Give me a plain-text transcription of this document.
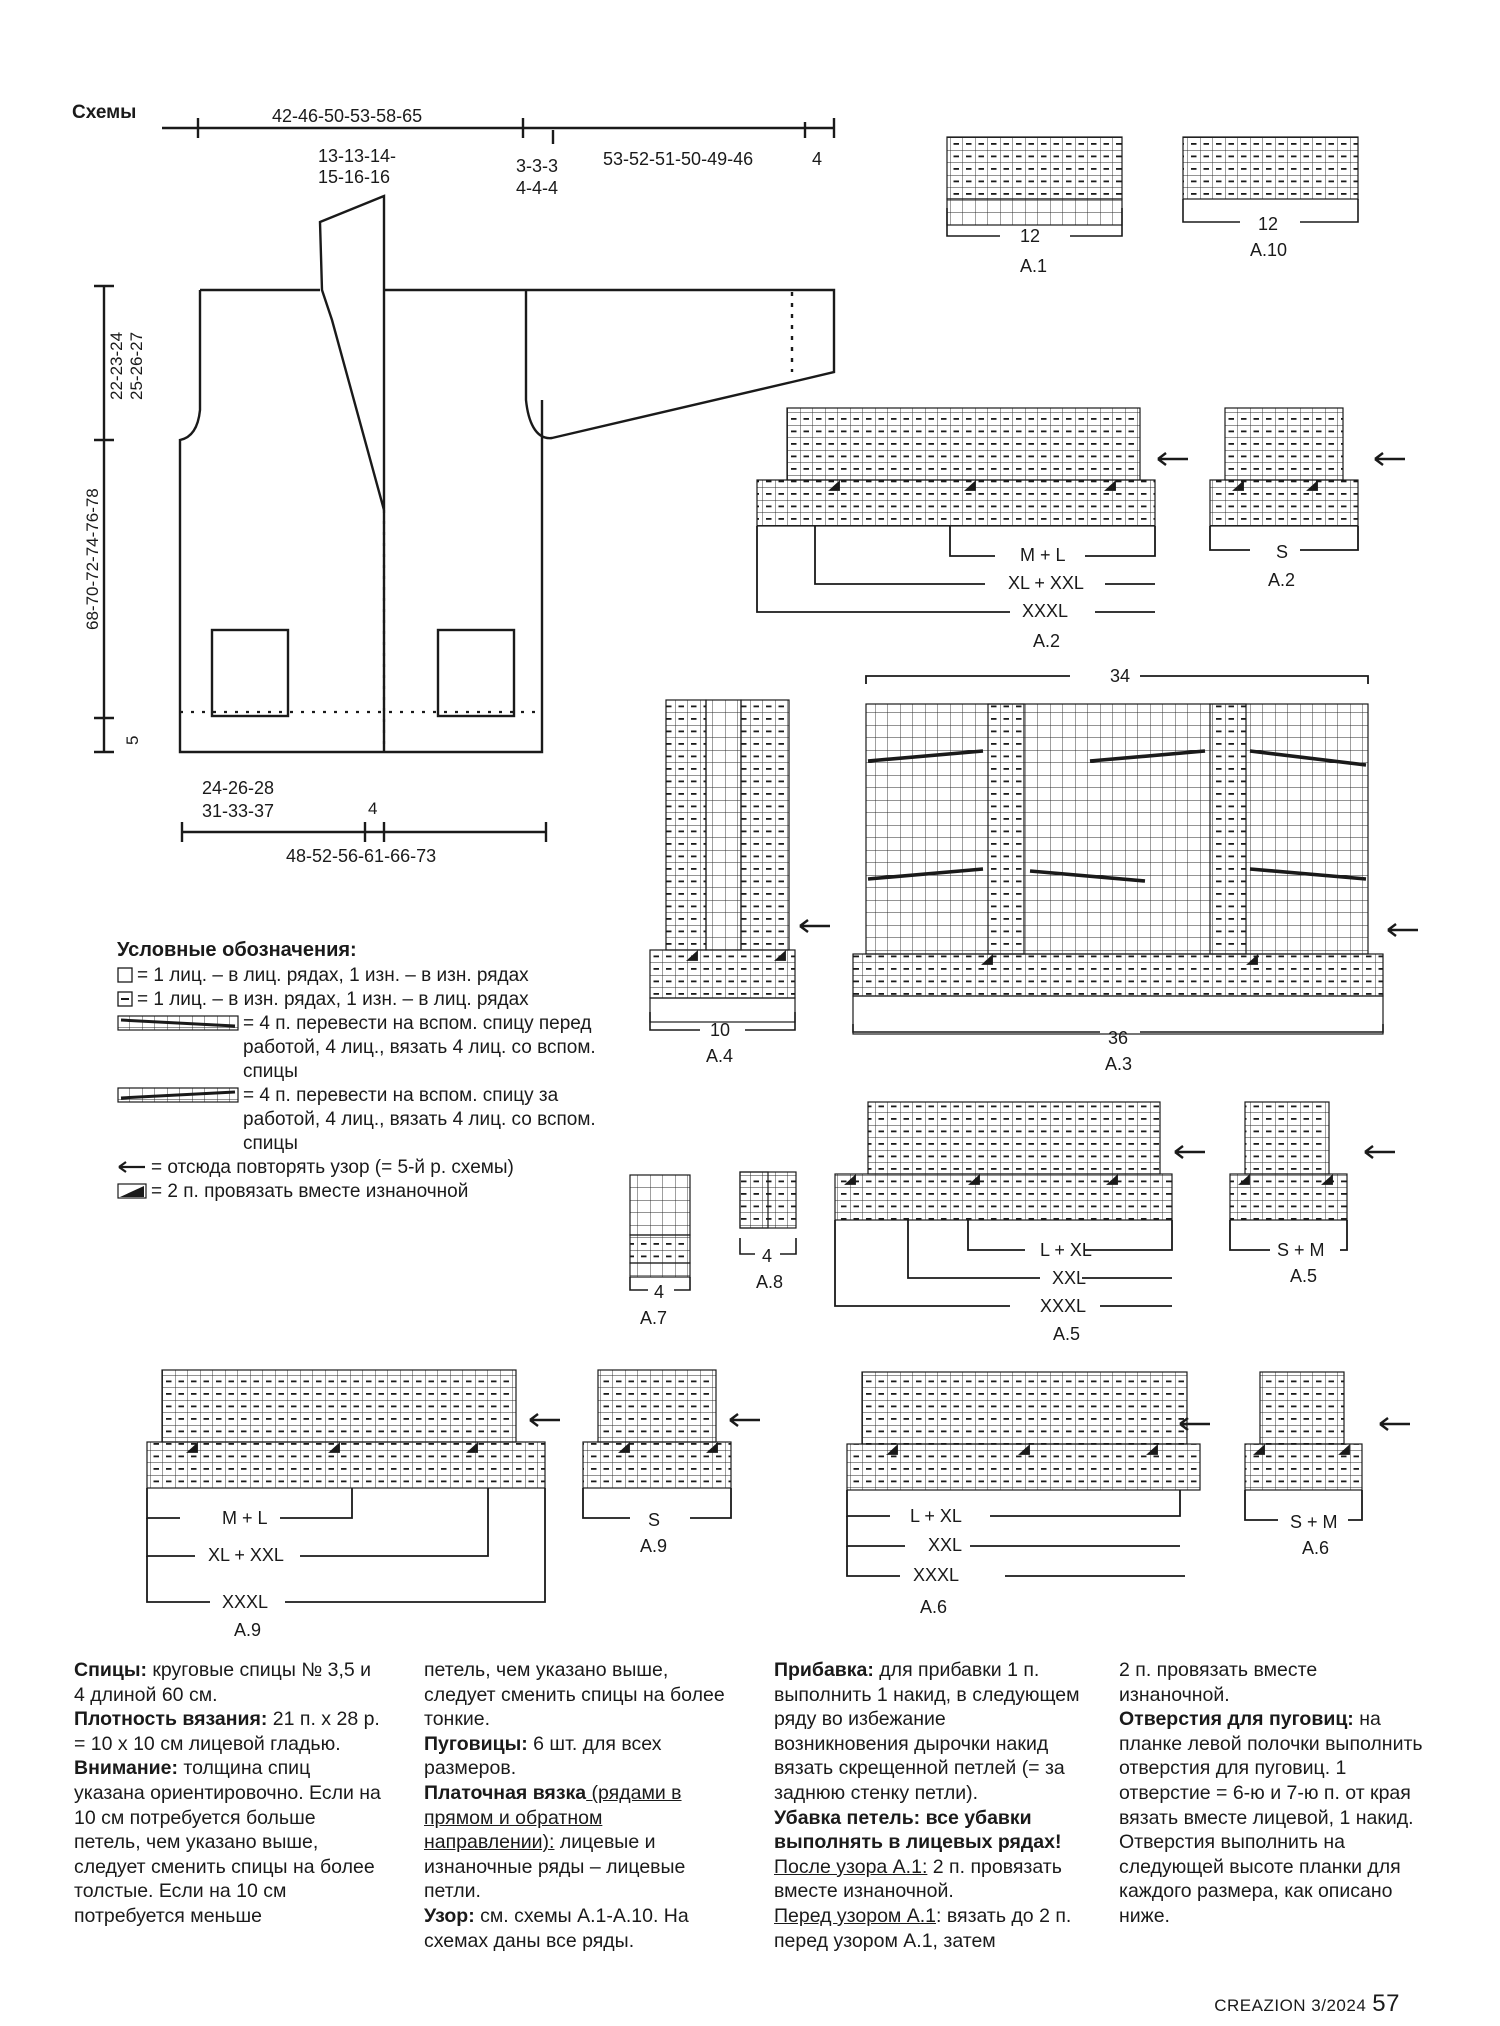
Схемы	42-46-50-53-58-65
13-13-14-
15-16-16
3-3-3
4-4-4
53-52-51-50-49-46	4
22-23-24 25-26-27
68-70-72-74-76-78
5
24-26-28
31-33-37	4
48-52-56-61-66-73
12
A.1
12
A.10
M + L
XL + XXL
XXXL
A.2
S
A.2
10
A.4
34
36
A.3
4
A.7
4
A.8
L + XL
XXL
XXXL
A.5
S + M
A.5
M + L
XL + XXL
XXXL
A.9
S
A.9
L + XL
XXL
XXXL
A.6
S + M
A.6
Условные обозначения:
= 1 лиц. – в лиц. рядах, 1 изн. – в изн. рядах
= 1 лиц. – в изн. рядах, 1 изн. – в лиц. рядах
= 4 п. перевести на вспом. спицу перед работой, 4 лиц., вязать 4 лиц. со вспом. спицы
= 4 п. перевести на вспом. спицу за работой, 4 лиц., вязать 4 лиц. со вспом. спицы
= отсюда повторять узор (= 5-й р. схемы)
= 2 п. провязать вместе изнаночной
Спицы: круговые спицы № 3,5 и 4 длиной 60 см.
Плотность вязания: 21 п. x 28 р. = 10 x 10 см лицевой гладью.
Внимание: толщина спиц указана ориентировочно. Если на 10 см потребуется больше петель, чем указано выше, следует сменить спицы на более толстые. Если на 10 см потребуется меньше
петель, чем указано выше, следует сменить спицы на более тонкие.
Пуговицы: 6 шт. для всех размеров.
Платочная вязка (рядами в прямом и обратном направлении): лицевые и изнаночные ряды – лицевые петли.
Узор: см. схемы A.1-A.10. На схемах даны все ряды.
Прибавка: для прибавки 1 п. выполнить 1 накид, в следующем ряду во избежание возникновения дырочки накид вязать скрещенной петлей (= за заднюю стенку петли).
Убавка петель: все убавки выполнять в лицевых рядах!
После узора A.1: 2 п. провязать вместе изнаночной.
Перед узором A.1: вязать до 2 п. перед узором A.1, затем
2 п. провязать вместе изнаночной.
Отверстия для пуговиц: на планке левой полочки выполнить отверстия для пуговиц. 1 отверстие = 6-ю и 7-ю п. от края вязать вместе лицевой, 1 накид. Отверстия выполнить на следующей высоте планки для каждого размера, как описано ниже.
CREAZION 3/2024 57
